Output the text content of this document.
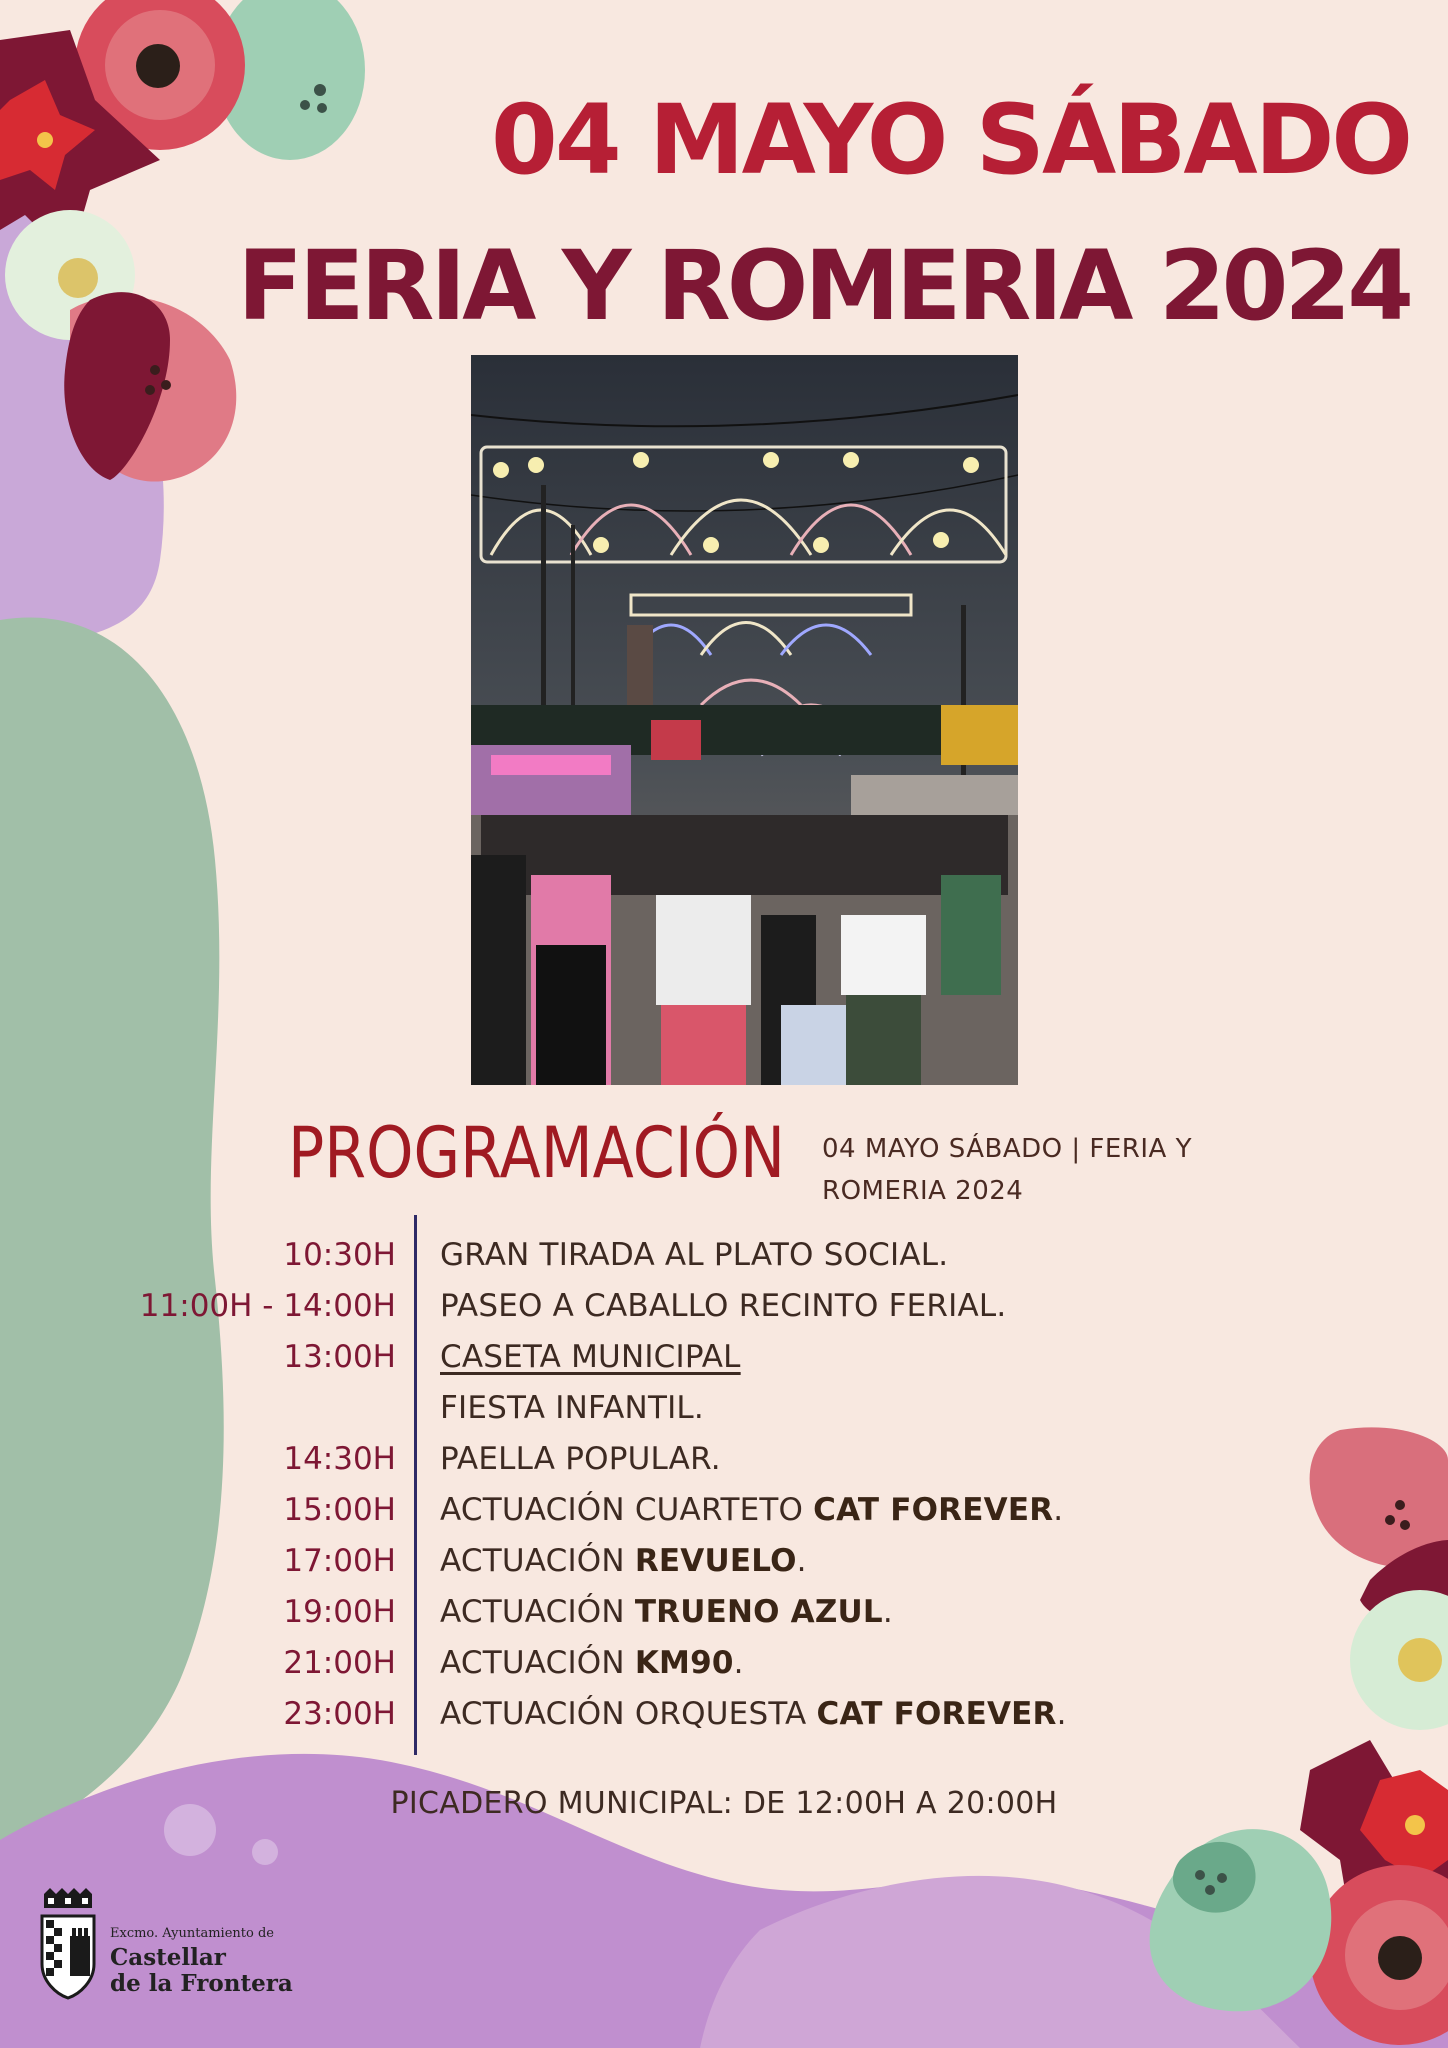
04 MAYO SÁBADO
FERIA Y ROMERIA 2024
PROGRAMACIÓN 04 MAYO SÁBADO | FERIA Y ROMERIA 2024
10:30H GRAN TIRADA AL PLATO SOCIAL.
11:00H - 14:00H PASEO A CABALLO RECINTO FERIAL.
13:00H CASETA MUNICIPAL
FIESTA INFANTIL.
14:30H PAELLA POPULAR.
15:00H ACTUACIÓN CUARTETO CAT FOREVER.
17:00H ACTUACIÓN REVUELO.
19:00H ACTUACIÓN TRUENO AZUL.
21:00H ACTUACIÓN KM90.
23:00H ACTUACIÓN ORQUESTA CAT FOREVER.
PICADERO MUNICIPAL: DE 12:00H A 20:00H
Excmo. Ayuntamiento de
Castellar
de la Frontera
